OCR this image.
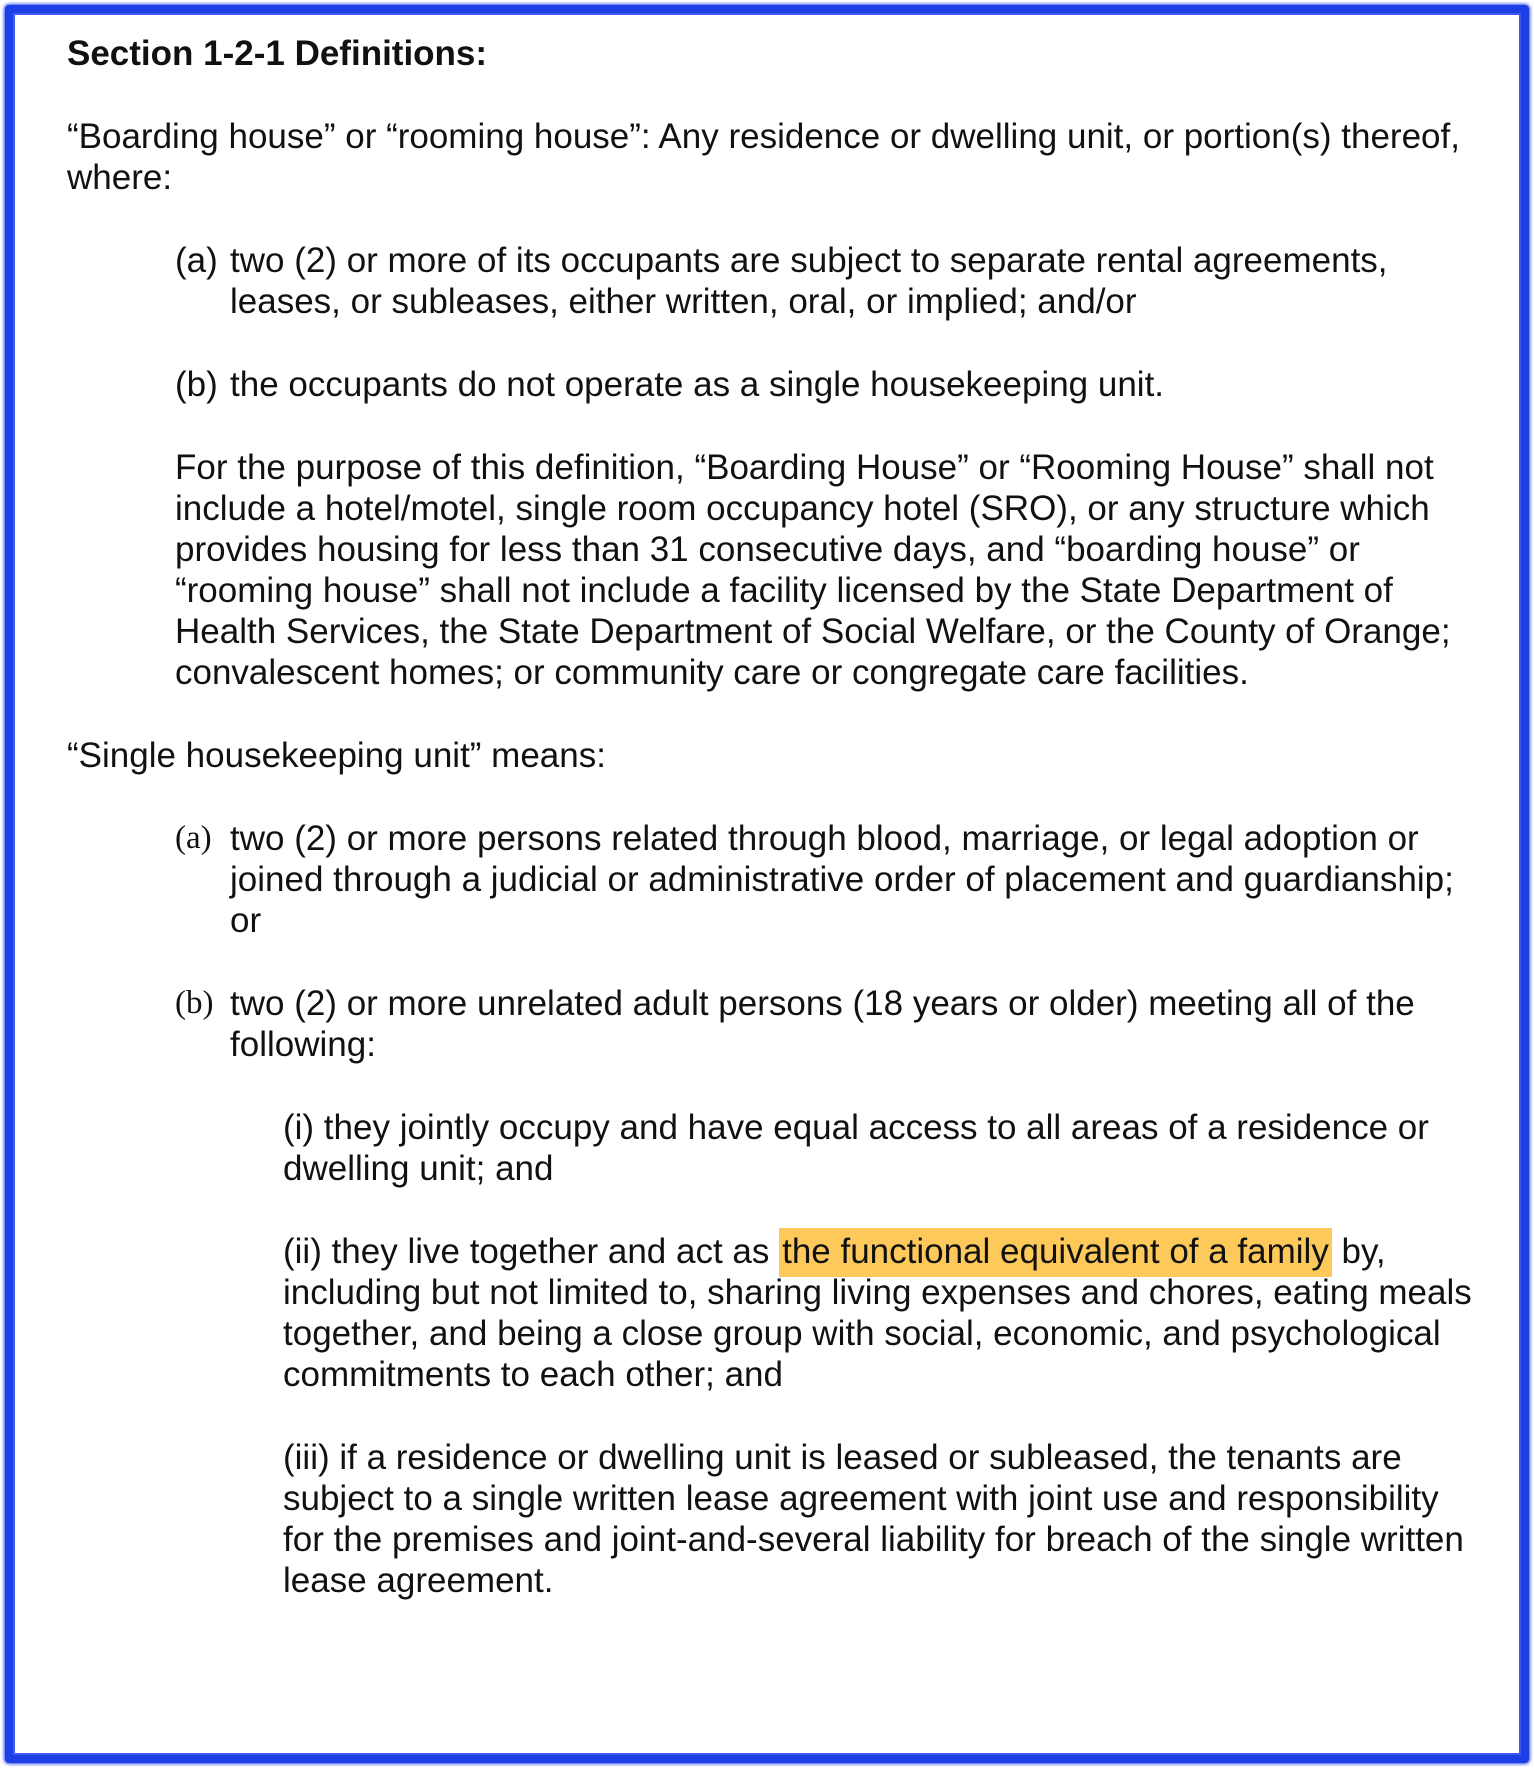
Section 1-2-1 Definitions:

“Boarding house” or “rooming house”: Any residence or dwelling unit, or portion(s) thereof, where:

(a) two (2) or more of its occupants are subject to separate rental agreements, leases, or subleases, either written, oral, or implied; and/or
(b) the occupants do not operate as a single housekeeping unit.

For the purpose of this definition, “Boarding House” or “Rooming House” shall not include a hotel/motel, single room occupancy hotel (SRO), or any structure which provides housing for less than 31 consecutive days, and “boarding house” or “rooming house” shall not include a facility licensed by the State Department of Health Services, the State Department of Social Welfare, or the County of Orange; convalescent homes; or community care or congregate care facilities.

“Single housekeeping unit” means:

(a) two (2) or more persons related through blood, marriage, or legal adoption or joined through a judicial or administrative order of placement and guardianship; or
(b) two (2) or more unrelated adult persons (18 years or older) meeting all of the following:

(i) they jointly occupy and have equal access to all areas of a residence or dwelling unit; and

(ii) they live together and act as the functional equivalent of a family by, including but not limited to, sharing living expenses and chores, eating meals together, and being a close group with social, economic, and psychological commitments to each other; and

(iii) if a residence or dwelling unit is leased or subleased, the tenants are subject to a single written lease agreement with joint use and responsibility for the premises and joint-and-several liability for breach of the single written lease agreement.
